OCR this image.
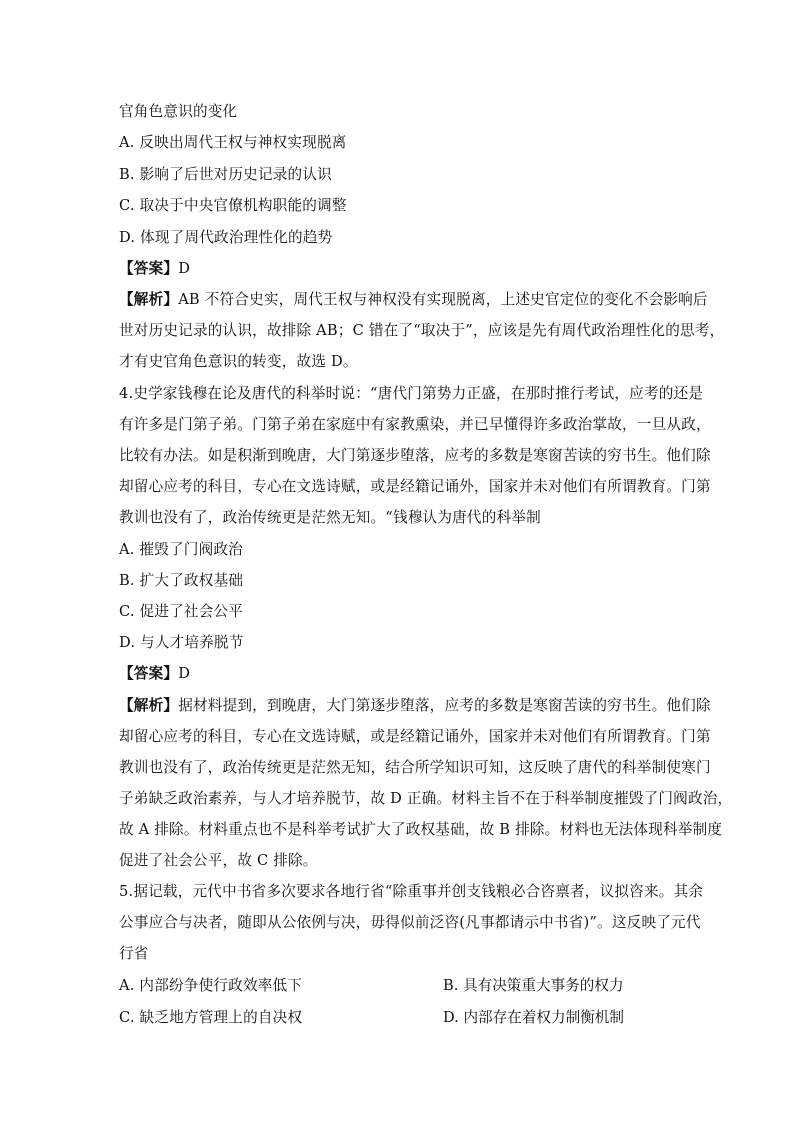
官角色意识的变化
A. 反映出周代王权与神权实现脱离
B. 影响了后世对历史记录的认识
C. 取决于中央官僚机构职能的调整
D. 体现了周代政治理性化的趋势
【答案】D
【解析】AB 不符合史实，周代王权与神权没有实现脱离，上述史官定位的变化不会影响后
世对历史记录的认识，故排除 AB；C 错在了“取决于”，应该是先有周代政治理性化的思考，
才有史官角色意识的转变，故选 D。
4.史学家钱穆在论及唐代的科举时说：“唐代门第势力正盛，在那时推行考试，应考的还是
有许多是门第子弟。门第子弟在家庭中有家教熏染，并已早懂得许多政治掌故，一旦从政，
比较有办法。如是积渐到晚唐，大门第逐步堕落，应考的多数是寒窗苦读的穷书生。他们除
却留心应考的科目，专心在文选诗赋，或是经籍记诵外，国家并未对他们有所谓教育。门第
教训也没有了，政治传统更是茫然无知。“钱穆认为唐代的科举制
A. 摧毁了门阀政治
B. 扩大了政权基础
C. 促进了社会公平
D. 与人才培养脱节
【答案】D
【解析】据材料提到，到晚唐，大门第逐步堕落，应考的多数是寒窗苦读的穷书生。他们除
却留心应考的科目，专心在文选诗赋，或是经籍记诵外，国家并未对他们有所谓教育。门第
教训也没有了，政治传统更是茫然无知，结合所学知识可知，这反映了唐代的科举制使寒门
子弟缺乏政治素养，与人才培养脱节，故 D 正确。材料主旨不在于科举制度摧毁了门阀政治，
故 A 排除。材料重点也不是科举考试扩大了政权基础，故 B 排除。材料也无法体现科举制度
促进了社会公平，故 C 排除。
5.据记载，元代中书省多次要求各地行省“除重事并创支钱粮必合咨禀者，议拟咨来。其余
公事应合与决者，随即从公依例与决，毋得似前泛咨(凡事都请示中书省)”。这反映了元代
行省
A. 内部纷争使行政效率低下	B. 具有决策重大事务的权力
C. 缺乏地方管理上的自决权	D. 内部存在着权力制衡机制
